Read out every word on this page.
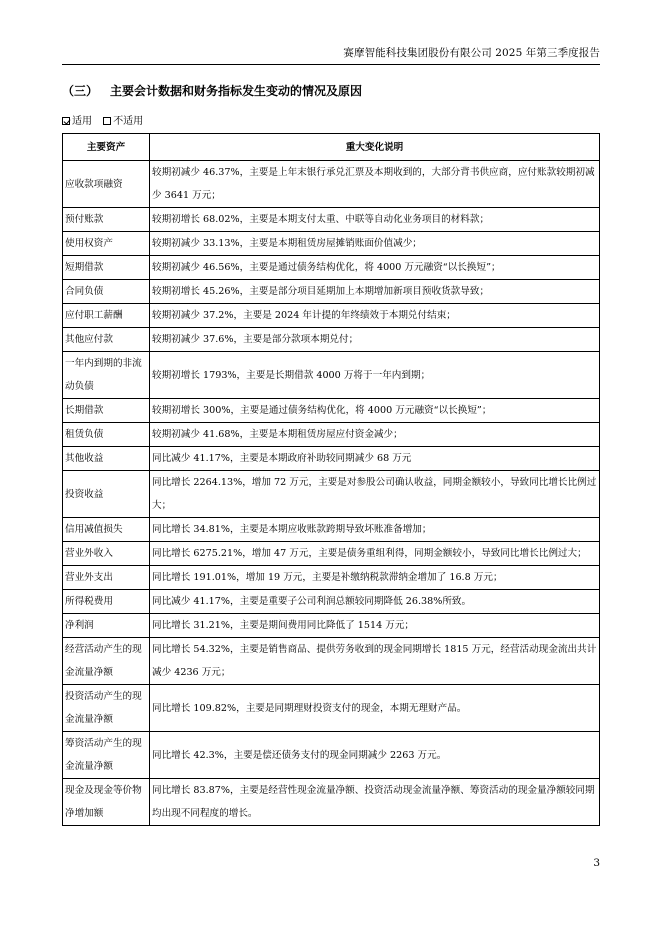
赛摩智能科技集团股份有限公司 2025 年第三季度报告
（三） 主要会计数据和财务指标发生变动的情况及原因
适用 不适用
主要资产	重大变化说明
应收款项融资	较期初减少 46.37%，主要是上年末银行承兑汇票及本期收到的，大部分背书供应商，应付账款较期初减少 3641 万元；
预付账款	较期初增长 68.02%，主要是本期支付太重、中联等自动化业务项目的材料款；
使用权资产	较期初减少 33.13%，主要是本期租赁房屋摊销账面价值减少；
短期借款	较期初减少 46.56%，主要是通过债务结构优化，将 4000 万元融资“以长换短”；
合同负债	较期初增长 45.26%，主要是部分项目延期加上本期增加新项目预收货款导致；
应付职工薪酬	较期初减少 37.2%，主要是 2024 年计提的年终绩效于本期兑付结束；
其他应付款	较期初减少 37.6%，主要是部分款项本期兑付；
一年内到期的非流动负债	较期初增长 1793%，主要是长期借款 4000 万将于一年内到期；
长期借款	较期初增长 300%，主要是通过债务结构优化，将 4000 万元融资“以长换短”；
租赁负债	较期初减少 41.68%，主要是本期租赁房屋应付资金减少；
其他收益	同比减少 41.17%，主要是本期政府补助较同期减少 68 万元
投资收益	同比增长 2264.13%，增加 72 万元，主要是对参股公司确认收益，同期金额较小，导致同比增长比例过大；
信用减值损失	同比增长 34.81%，主要是本期应收账款跨期导致坏账准备增加；
营业外收入	同比增长 6275.21%，增加 47 万元，主要是债务重组利得，同期金额较小，导致同比增长比例过大；
营业外支出	同比增长 191.01%，增加 19 万元，主要是补缴纳税款滞纳金增加了 16.8 万元；
所得税费用	同比减少 41.17%，主要是重要子公司利润总额较同期降低 26.38%所致。
净利润	同比增长 31.21%，主要是期间费用同比降低了 1514 万元；
经营活动产生的现金流量净额	同比增长 54.32%，主要是销售商品、提供劳务收到的现金同期增长 1815 万元，经营活动现金流出共计减少 4236 万元；
投资活动产生的现金流量净额	同比增长 109.82%，主要是同期理财投资支付的现金，本期无理财产品。
筹资活动产生的现金流量净额	同比增长 42.3%，主要是偿还债务支付的现金同期减少 2263 万元。
现金及现金等价物净增加额	同比增长 83.87%，主要是经营性现金流量净额、投资活动现金流量净额、筹资活动的现金量净额较同期均出现不同程度的增长。
3
